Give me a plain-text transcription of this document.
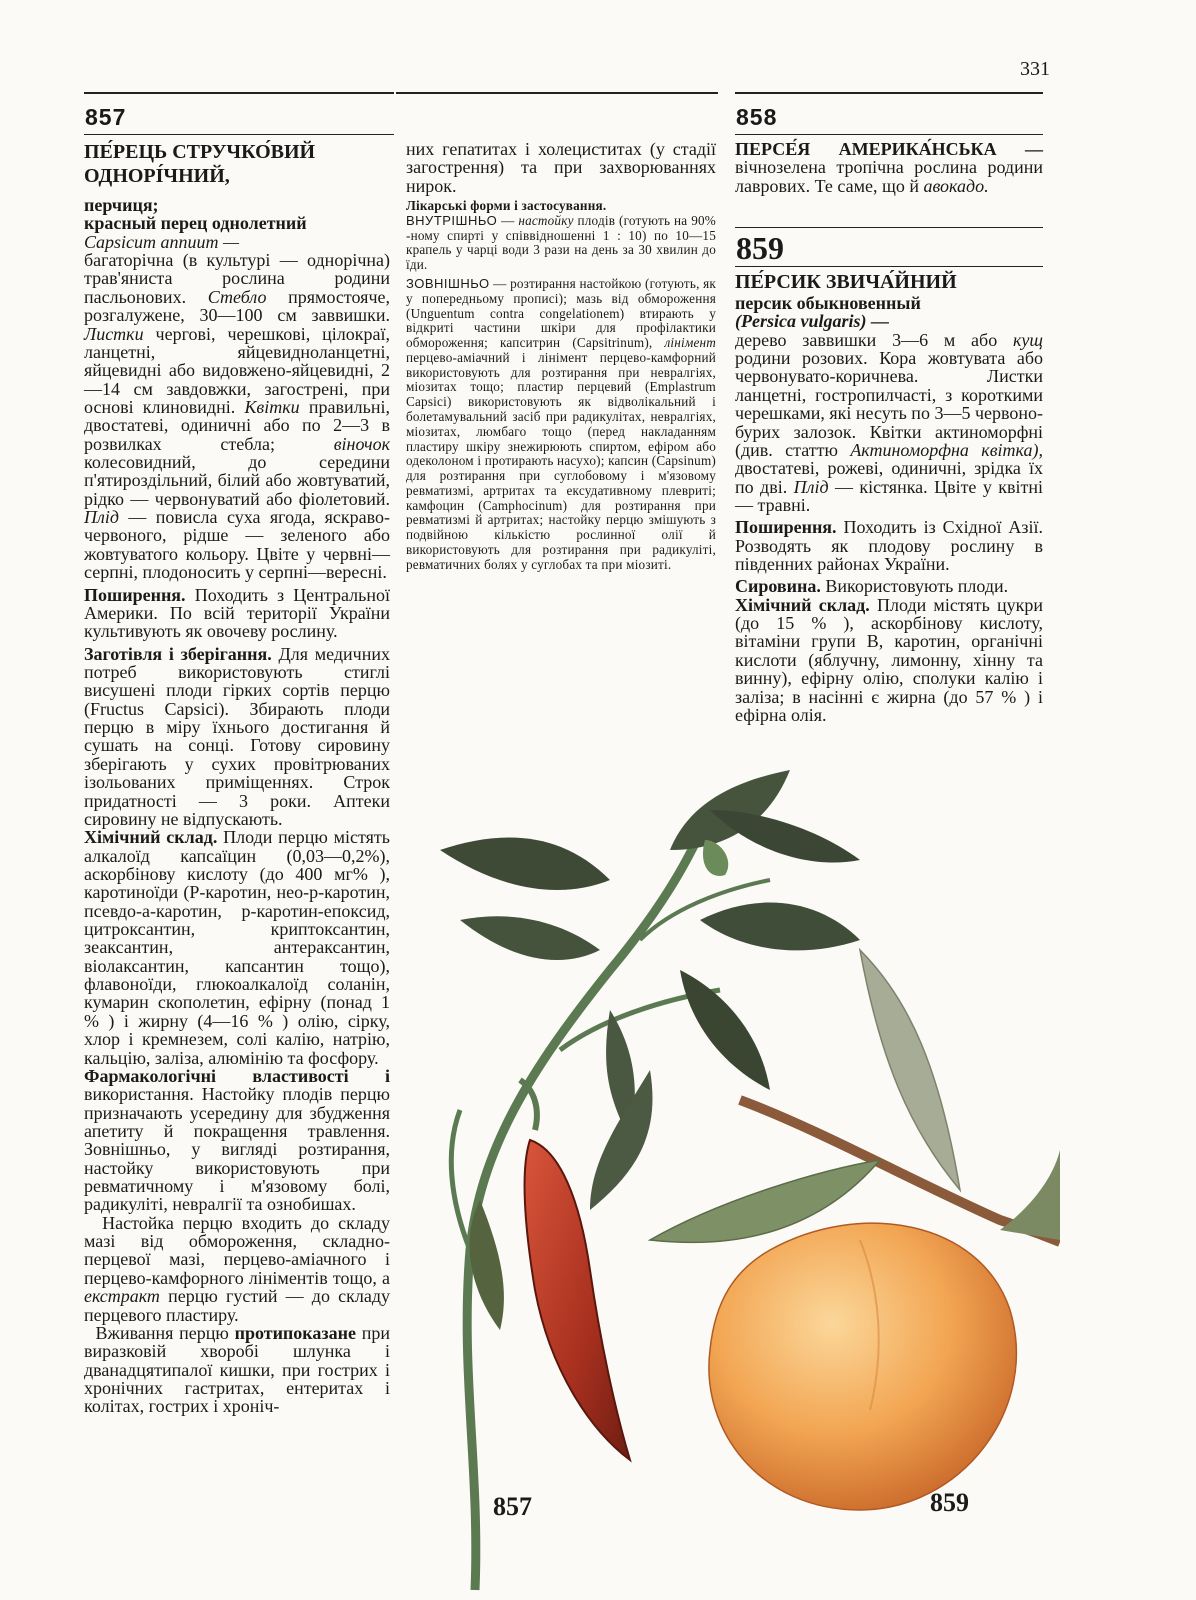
331
857

ПЕ́РЕЦЬ СТРУЧКО́ВИЙ ОДНОРІ́ЧНИЙ,

перчиця;

красный перец однолетний

Capsicum annuum —

багаторічна (в культурі — однорічна) трав'яниста рослина родини пасльонових. Стебло прямостояче, розгалужене, 30—100 см заввишки. Листки чергові, черешкові, цілокраї, ланцетні, яйцевидноланцетні, яйцевидні або видовжено-яйцевидні, 2—14 см завдовжки, загострені, при основі клиновидні. Квітки правильні, двостатеві, одиничні або по 2—3 в розвилках стебла; віночок колесовидний, до середини п'ятироздільний, білий або жовтуватий, рідко — червонуватий або фіолетовий. Плід — повисла суха ягода, яскраво-червоного, рідше — зеленого або жовтуватого кольору. Цвіте у червні—серпні, плодоносить у серпні—вересні.

Поширення. Походить з Центральної Америки. По всій території України культивують як овочеву рослину.

Заготівля і зберігання. Для медичних потреб використовують стиглі висушені плоди гірких сортів перцю (Fructus Capsici). Збирають плоди перцю в міру їхнього достигання й сушать на сонці. Готову сировину зберігають у сухих провітрюваних ізольованих приміщеннях. Строк придатності — 3 роки. Аптеки сировину не відпускають.

Хімічний склад. Плоди перцю містять алкалоїд капсаїцин (0,03—0,2%), аскорбінову кислоту (до 400 мг% ), каротиноїди (Р-каротин, нео-р-каротин, псевдо-а-каротин, р-каротин-епоксид, цитроксантин, криптоксантин, зеаксантин, антераксантин, віолаксантин, капсантин тощо), флавоноїди, глюкоалкалоїд соланін, кумарин скополетин, ефірну (понад 1 % ) і жирну (4—16 % ) олію, сірку, хлор і кремнезем, солі калію, натрію, кальцію, заліза, алюмінію та фосфору.

Фармакологічні властивості і використання. Настойку плодів перцю призначають усередину для збудження апетиту й покращення травлення. Зовнішньо, у вигляді розтирання, настойку використовують при ревматичному і м'язовому болі, радикуліті, невралгії та ознобишах.

Настойка перцю входить до складу мазі від обмороження, складно-перцевої мазі, перцево-аміачного і перцево-камфорного лініментів тощо, а екстракт перцю густий — до складу перцевого пластиру.

Вживання перцю протипоказане при виразковій хворобі шлунка і дванадцятипалої кишки, при гострих і хронічних гастритах, ентеритах і колітах, гострих і хроніч-

них гепатитах і холециститах (у стадії загострення) та при захворюваннях нирок.

Лікарські форми і застосування.

ВНУТРІШНЬО — настойку плодів (готують на 90% -ному спирті у співвідношенні 1 : 10) по 10—15 крапель у чарці води 3 рази на день за 30 хвилин до їди.

ЗОВНІШНЬО — розтирання настойкою (готують, як у попередньому прописі); мазь від обмороження (Unguentum contra congelationem) втирають у відкриті частини шкіри для профілактики обмороження; капситрин (Capsitrinum), лінімент перцево-аміачний і лінімент перцево-камфорний використовують для розтирання при невралгіях, міозитах тощо; пластир перцевий (Emplastrum Capsici) використовують як відволікальний і болетамувальний засіб при радикулітах, невралгіях, міозитах, люмбаго тощо (перед накладанням пластиру шкіру знежирюють спиртом, ефіром або одеколоном і протирають насухо); капсин (Capsinum) для розтирання при суглобовому і м'язовому ревматизмі, артритах та ексудативному плевриті; камфоцин (Camphocinum) для розтирання при ревматизмі й артритах; настойку перцю змішують з подвійною кількістю рослинної олії й використовують для розтирання при радикуліті, ревматичних болях у суглобах та при міозиті.

858

ПЕРСЕ́Я АМЕРИКА́НСЬКА — вічнозелена тропічна рослина родини лаврових. Те саме, що й авокадо.

859

ПЕ́РСИК ЗВИЧА́ЙНИЙ

персик обыкновенный

(Persica vulgaris) —

дерево заввишки 3—6 м або кущ родини розових. Кора жовтувата або червонувато-коричнева. Листки ланцетні, гостропилчасті, з короткими черешками, які несуть по 3—5 червоно-бурих залозок. Квітки актиноморфні (див. статтю Актиноморфна квітка), двостатеві, рожеві, одиничні, зрідка їх по дві. Плід — кістянка. Цвіте у квітні — травні.

Поширення. Походить із Східної Азії. Розводять як плодову рослину в південних районах України.

Сировина. Використовують плоди.

Хімічний склад. Плоди містять цукри (до 15 % ), аскорбінову кислоту, вітаміни групи В, каротин, органічні кислоти (яблучну, лимонну, хінну та винну), ефірну олію, сполуки калію і заліза; в насінні є жирна (до 57 % ) і ефірна олія.

857	859
